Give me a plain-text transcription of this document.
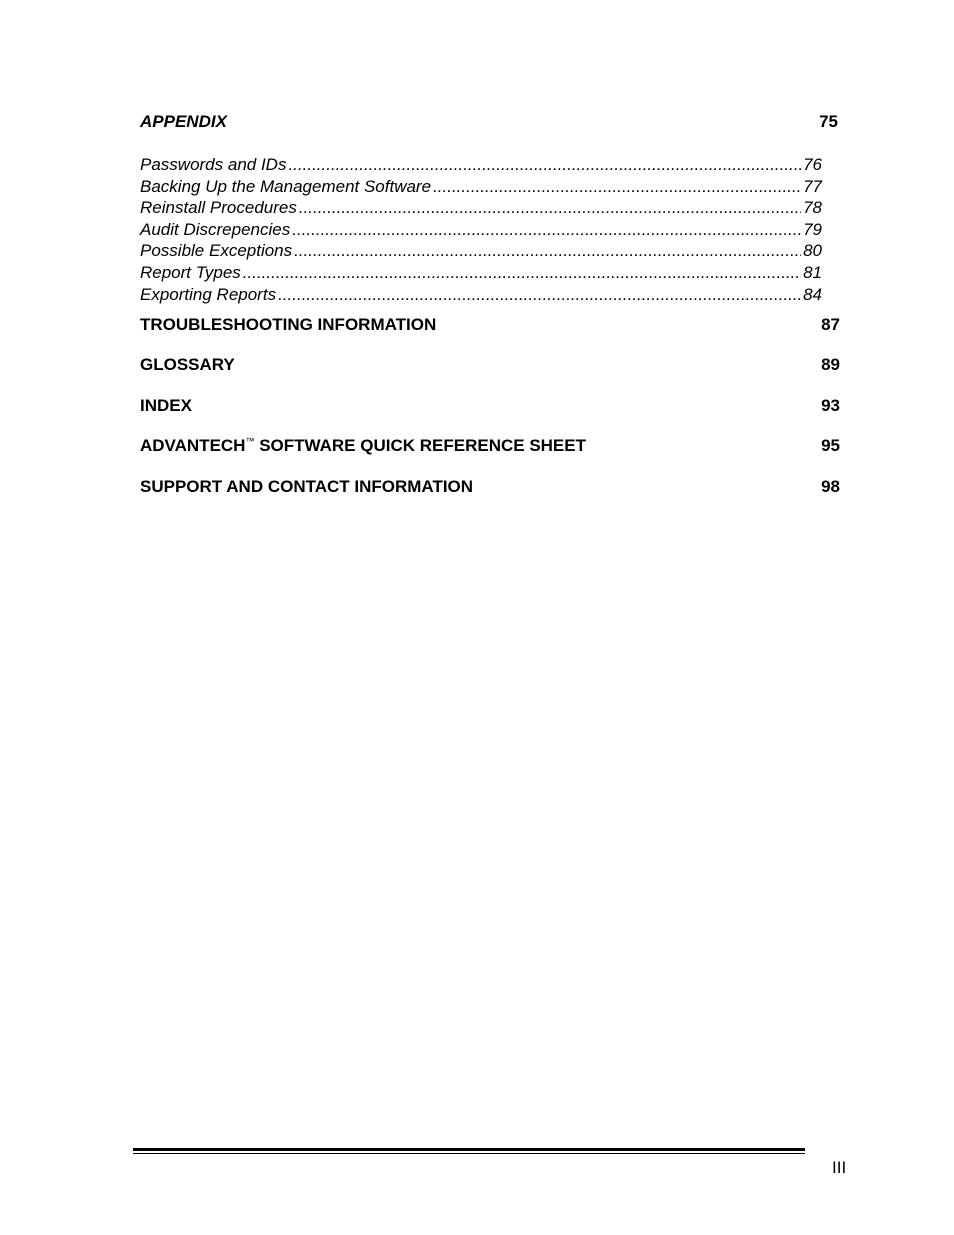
APPENDIX	75
Passwords and IDs .....	76
Backing Up the Management Software .....	77
Reinstall Procedures .....	78
Audit Discrepencies .....	79
Possible Exceptions .....	80
Report Types .....	81
Exporting Reports .....	84
TROUBLESHOOTING INFORMATION	87
GLOSSARY	89
INDEX	93
ADVANTECH™ SOFTWARE QUICK REFERENCE SHEET	95
SUPPORT AND CONTACT INFORMATION	98
III
